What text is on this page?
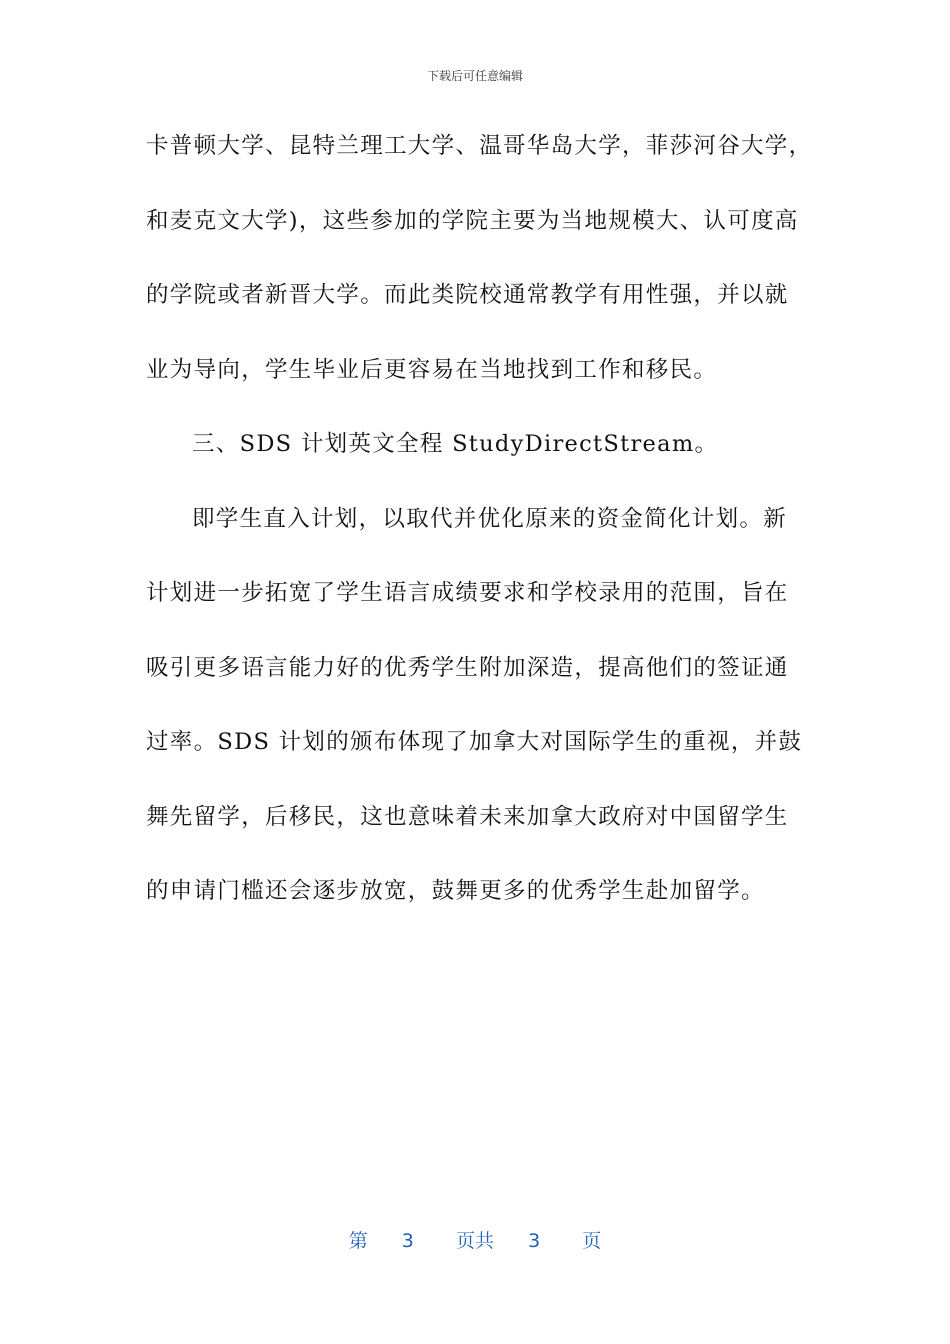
下载后可任意编辑
卡普顿大学、昆特兰理工大学、温哥华岛大学，菲莎河谷大学，
和麦克文大学)，这些参加的学院主要为当地规模大、认可度高
的学院或者新晋大学。而此类院校通常教学有用性强，并以就
业为导向，学生毕业后更容易在当地找到工作和移民。
三、SDS 计划英文全程 StudyDirectStream。
即学生直入计划，以取代并优化原来的资金简化计划。新
计划进一步拓宽了学生语言成绩要求和学校录用的范围，旨在
吸引更多语言能力好的优秀学生附加深造，提高他们的签证通
过率。SDS 计划的颁布体现了加拿大对国际学生的重视，并鼓
舞先留学，后移民，这也意味着未来加拿大政府对中国留学生
的申请门槛还会逐步放宽，鼓舞更多的优秀学生赴加留学。
第 3 页共 3 页
